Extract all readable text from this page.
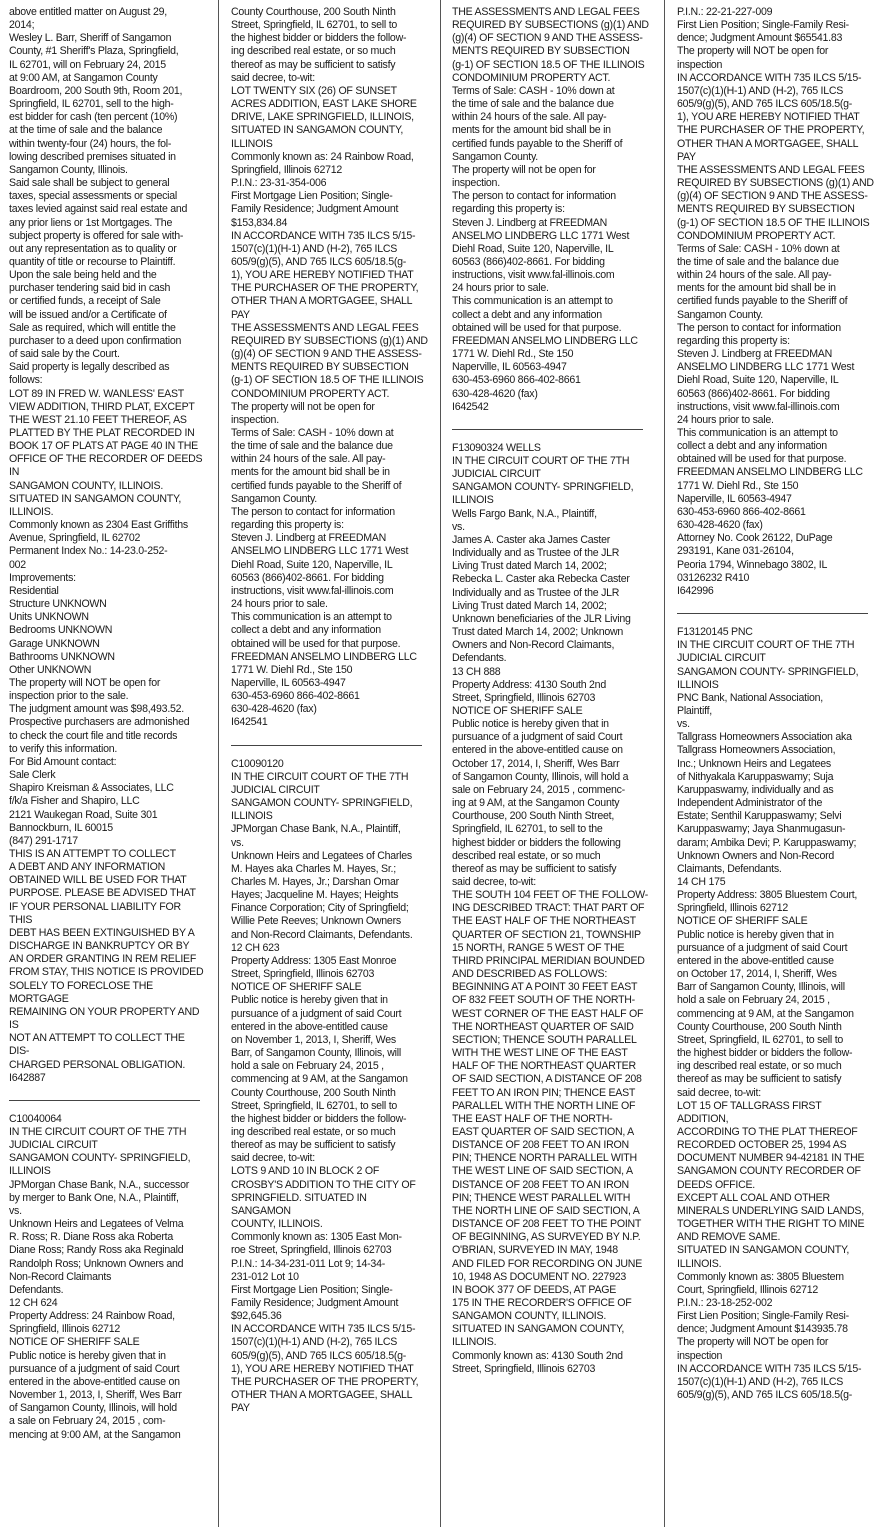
above entitled matter on August 29,

2014;

Wesley L. Barr, Sheriff of Sangamon

County, #1 Sheriff's Plaza, Springfield,

IL 62701, will on February 24, 2015

at 9:00 AM, at Sangamon County

Boardroom, 200 South 9th, Room 201,

Springfield, IL 62701, sell to the high-

est bidder for cash (ten percent (10%)

at the time of sale and the balance

within twenty-four (24) hours, the fol-

lowing described premises situated in

Sangamon County, Illinois.

Said sale shall be subject to general

taxes, special assessments or special

taxes levied against said real estate and

any prior liens or 1st Mortgages. The

subject property is offered for sale with-

out any representation as to quality or

quantity of title or recourse to Plaintiff.

Upon the sale being held and the

purchaser tendering said bid in cash

or certified funds, a receipt of Sale

will be issued and/or a Certificate of

Sale as required, which will entitle the

purchaser to a deed upon confirmation

of said sale by the Court.

Said property is legally described as

follows:

LOT 89 IN FRED W. WANLESS' EAST

VIEW ADDITION, THIRD PLAT, EXCEPT

THE WEST 21.10 FEET THEREOF, AS

PLATTED BY THE PLAT RECORDED IN

BOOK 17 OF PLATS AT PAGE 40 IN THE

OFFICE OF THE RECORDER OF DEEDS IN

SANGAMON COUNTY, ILLINOIS.

SITUATED IN SANGAMON COUNTY,

ILLINOIS.

Commonly known as 2304 East Griffiths

Avenue, Springfield, IL 62702

Permanent Index No.: 14-23.0-252-

002

Improvements:

Residential

Structure UNKNOWN

Units UNKNOWN

Bedrooms UNKNOWN

Garage UNKNOWN

Bathrooms UNKNOWN

Other UNKNOWN

The property will NOT be open for

inspection prior to the sale.

The judgment amount was $98,493.52.

Prospective purchasers are admonished

to check the court file and title records

to verify this information.

For Bid Amount contact:

Sale Clerk

Shapiro Kreisman & Associates, LLC

f/k/a Fisher and Shapiro, LLC

2121 Waukegan Road, Suite 301

Bannockburn, IL 60015

(847) 291-1717

THIS IS AN ATTEMPT TO COLLECT

A DEBT AND ANY INFORMATION

OBTAINED WILL BE USED FOR THAT

PURPOSE. PLEASE BE ADVISED THAT

IF YOUR PERSONAL LIABILITY FOR THIS

DEBT HAS BEEN EXTINGUISHED BY A

DISCHARGE IN BANKRUPTCY OR BY

AN ORDER GRANTING IN REM RELIEF

FROM STAY, THIS NOTICE IS PROVIDED

SOLELY TO FORECLOSE THE MORTGAGE

REMAINING ON YOUR PROPERTY AND IS

NOT AN ATTEMPT TO COLLECT THE DIS-

CHARGED PERSONAL OBLIGATION.

I642887

C10040064

IN THE CIRCUIT COURT OF THE 7TH

JUDICIAL CIRCUIT

SANGAMON COUNTY- SPRINGFIELD,

ILLINOIS

JPMorgan Chase Bank, N.A., successor

by merger to Bank One, N.A., Plaintiff,

vs.

Unknown Heirs and Legatees of Velma

R. Ross; R. Diane Ross aka Roberta

Diane Ross; Randy Ross aka Reginald

Randolph Ross; Unknown Owners and

Non-Record Claimants

Defendants.

12 CH 624

Property Address: 24 Rainbow Road,

Springfield, Illinois 62712

NOTICE OF SHERIFF SALE

Public notice is hereby given that in

pursuance of a judgment of said Court

entered in the above-entitled cause on

November 1, 2013, I, Sheriff, Wes Barr

of Sangamon County, Illinois, will hold

a sale on February 24, 2015 , com-

mencing at 9:00 AM, at the Sangamon

County Courthouse, 200 South Ninth

Street, Springfield, IL 62701, to sell to

the highest bidder or bidders the follow-

ing described real estate, or so much

thereof as may be sufficient to satisfy

said decree, to-wit:

LOT TWENTY SIX (26) OF SUNSET

ACRES ADDITION, EAST LAKE SHORE

DRIVE, LAKE SPRINGFIELD, ILLINOIS,

SITUATED IN SANGAMON COUNTY,

ILLINOIS

Commonly known as: 24 Rainbow Road,

Springfield, Illinois 62712

P.I.N.: 23-31-354-006

First Mortgage Lien Position; Single-

Family Residence; Judgment Amount

$153,834.84

IN ACCORDANCE WITH 735 ILCS 5/15-

1507(c)(1)(H-1) AND (H-2), 765 ILCS

605/9(g)(5), AND 765 ILCS 605/18.5(g-

1), YOU ARE HEREBY NOTIFIED THAT

THE PURCHASER OF THE PROPERTY,

OTHER THAN A MORTGAGEE, SHALL PAY

THE ASSESSMENTS AND LEGAL FEES

REQUIRED BY SUBSECTIONS (g)(1) AND

(g)(4) OF SECTION 9 AND THE ASSESS-

MENTS REQUIRED BY SUBSECTION

(g-1) OF SECTION 18.5 OF THE ILLINOIS

CONDOMINIUM PROPERTY ACT.

The property will not be open for

inspection.

Terms of Sale: CASH - 10% down at

the time of sale and the balance due

within 24 hours of the sale. All pay-

ments for the amount bid shall be in

certified funds payable to the Sheriff of

Sangamon County.

The person to contact for information

regarding this property is:

Steven J. Lindberg at FREEDMAN

ANSELMO LINDBERG LLC 1771 West

Diehl Road, Suite 120, Naperville, IL

60563 (866)402-8661. For bidding

instructions, visit www.fal-illinois.com

24 hours prior to sale.

This communication is an attempt to

collect a debt and any information

obtained will be used for that purpose.

FREEDMAN ANSELMO LINDBERG LLC

1771 W. Diehl Rd., Ste 150

Naperville, IL 60563-4947

630-453-6960 866-402-8661

630-428-4620 (fax)

I642541

C10090120

IN THE CIRCUIT COURT OF THE 7TH

JUDICIAL CIRCUIT

SANGAMON COUNTY- SPRINGFIELD,

ILLINOIS

JPMorgan Chase Bank, N.A., Plaintiff,

vs.

Unknown Heirs and Legatees of Charles

M. Hayes aka Charles M. Hayes, Sr.;

Charles M. Hayes, Jr.; Darshan Omar

Hayes; Jacqueline M. Hayes; Heights

Finance Corporation; City of Springfield;

Willie Pete Reeves; Unknown Owners

and Non-Record Claimants, Defendants.

12 CH 623

Property Address: 1305 East Monroe

Street, Springfield, Illinois 62703

NOTICE OF SHERIFF SALE

Public notice is hereby given that in

pursuance of a judgment of said Court

entered in the above-entitled cause

on November 1, 2013, I, Sheriff, Wes

Barr, of Sangamon County, Illinois, will

hold a sale on February 24, 2015 ,

commencing at 9 AM, at the Sangamon

County Courthouse, 200 South Ninth

Street, Springfield, IL 62701, to sell to

the highest bidder or bidders the follow-

ing described real estate, or so much

thereof as may be sufficient to satisfy

said decree, to-wit:

LOTS 9 AND 10 IN BLOCK 2 OF

CROSBY'S ADDITION TO THE CITY OF

SPRINGFIELD. SITUATED IN SANGAMON

COUNTY, ILLINOIS.

Commonly known as: 1305 East Mon-

roe Street, Springfield, Illinois 62703

P.I.N.: 14-34-231-011 Lot 9; 14-34-

231-012 Lot 10

First Mortgage Lien Position; Single-

Family Residence; Judgment Amount

$92,645.36

IN ACCORDANCE WITH 735 ILCS 5/15-

1507(c)(1)(H-1) AND (H-2), 765 ILCS

605/9(g)(5), AND 765 ILCS 605/18.5(g-

1), YOU ARE HEREBY NOTIFIED THAT

THE PURCHASER OF THE PROPERTY,

OTHER THAN A MORTGAGEE, SHALL PAY

THE ASSESSMENTS AND LEGAL FEES

REQUIRED BY SUBSECTIONS (g)(1) AND

(g)(4) OF SECTION 9 AND THE ASSESS-

MENTS REQUIRED BY SUBSECTION

(g-1) OF SECTION 18.5 OF THE ILLINOIS

CONDOMINIUM PROPERTY ACT.

Terms of Sale: CASH - 10% down at

the time of sale and the balance due

within 24 hours of the sale. All pay-

ments for the amount bid shall be in

certified funds payable to the Sheriff of

Sangamon County.

The property will not be open for

inspection.

The person to contact for information

regarding this property is:

Steven J. Lindberg at FREEDMAN

ANSELMO LINDBERG LLC 1771 West

Diehl Road, Suite 120, Naperville, IL

60563 (866)402-8661. For bidding

instructions, visit www.fal-illinois.com

24 hours prior to sale.

This communication is an attempt to

collect a debt and any information

obtained will be used for that purpose.

FREEDMAN ANSELMO LINDBERG LLC

1771 W. Diehl Rd., Ste 150

Naperville, IL 60563-4947

630-453-6960 866-402-8661

630-428-4620 (fax)

I642542

F13090324 WELLS

IN THE CIRCUIT COURT OF THE 7TH

JUDICIAL CIRCUIT

SANGAMON COUNTY- SPRINGFIELD,

ILLINOIS

Wells Fargo Bank, N.A., Plaintiff,

vs.

James A. Caster aka James Caster

Individually and as Trustee of the JLR

Living Trust dated March 14, 2002;

Rebecka L. Caster aka Rebecka Caster

Individually and as Trustee of the JLR

Living Trust dated March 14, 2002;

Unknown beneficiaries of the JLR Living

Trust dated March 14, 2002; Unknown

Owners and Non-Record Claimants,

Defendants.

13 CH 888

Property Address: 4130 South 2nd

Street, Springfield, Illinois 62703

NOTICE OF SHERIFF SALE

Public notice is hereby given that in

pursuance of a judgment of said Court

entered in the above-entitled cause on

October 17, 2014, I, Sheriff, Wes Barr

of Sangamon County, Illinois, will hold a

sale on February 24, 2015 , commenc-

ing at 9 AM, at the Sangamon County

Courthouse, 200 South Ninth Street,

Springfield, IL 62701, to sell to the

highest bidder or bidders the following

described real estate, or so much

thereof as may be sufficient to satisfy

said decree, to-wit:

THE SOUTH 104 FEET OF THE FOLLOW-

ING DESCRIBED TRACT: THAT PART OF

THE EAST HALF OF THE NORTHEAST

QUARTER OF SECTION 21, TOWNSHIP

15 NORTH, RANGE 5 WEST OF THE

THIRD PRINCIPAL MERIDIAN BOUNDED

AND DESCRIBED AS FOLLOWS:

BEGINNING AT A POINT 30 FEET EAST

OF 832 FEET SOUTH OF THE NORTH-

WEST CORNER OF THE EAST HALF OF

THE NORTHEAST QUARTER OF SAID

SECTION; THENCE SOUTH PARALLEL

WITH THE WEST LINE OF THE EAST

HALF OF THE NORTHEAST QUARTER

OF SAID SECTION, A DISTANCE OF 208

FEET TO AN IRON PIN; THENCE EAST

PARALLEL WITH THE NORTH LINE OF

THE EAST HALF OF THE NORTH-

EAST QUARTER OF SAID SECTION, A

DISTANCE OF 208 FEET TO AN IRON

PIN; THENCE NORTH PARALLEL WITH

THE WEST LINE OF SAID SECTION, A

DISTANCE OF 208 FEET TO AN IRON

PIN; THENCE WEST PARALLEL WITH

THE NORTH LINE OF SAID SECTION, A

DISTANCE OF 208 FEET TO THE POINT

OF BEGINNING, AS SURVEYED BY N.P.

O'BRIAN, SURVEYED IN MAY, 1948

AND FILED FOR RECORDING ON JUNE

10, 1948 AS DOCUMENT NO. 227923

IN BOOK 377 OF DEEDS, AT PAGE

175 IN THE RECORDER'S OFFICE OF

SANGAMON COUNTY, ILLINOIS.

SITUATED IN SANGAMON COUNTY,

ILLINOIS.

Commonly known as: 4130 South 2nd

Street, Springfield, Illinois 62703

P.I.N.: 22-21-227-009

First Lien Position; Single-Family Resi-

dence; Judgment Amount $65541.83

The property will NOT be open for

inspection

IN ACCORDANCE WITH 735 ILCS 5/15-

1507(c)(1)(H-1) AND (H-2), 765 ILCS

605/9(g)(5), AND 765 ILCS 605/18.5(g-

1), YOU ARE HEREBY NOTIFIED THAT

THE PURCHASER OF THE PROPERTY,

OTHER THAN A MORTGAGEE, SHALL PAY

THE ASSESSMENTS AND LEGAL FEES

REQUIRED BY SUBSECTIONS (g)(1) AND

(g)(4) OF SECTION 9 AND THE ASSESS-

MENTS REQUIRED BY SUBSECTION

(g-1) OF SECTION 18.5 OF THE ILLINOIS

CONDOMINIUM PROPERTY ACT.

Terms of Sale: CASH - 10% down at

the time of sale and the balance due

within 24 hours of the sale. All pay-

ments for the amount bid shall be in

certified funds payable to the Sheriff of

Sangamon County.

The person to contact for information

regarding this property is:

Steven J. Lindberg at FREEDMAN

ANSELMO LINDBERG LLC 1771 West

Diehl Road, Suite 120, Naperville, IL

60563 (866)402-8661. For bidding

instructions, visit www.fal-illinois.com

24 hours prior to sale.

This communication is an attempt to

collect a debt and any information

obtained will be used for that purpose.

FREEDMAN ANSELMO LINDBERG LLC

1771 W. Diehl Rd., Ste 150

Naperville, IL 60563-4947

630-453-6960 866-402-8661

630-428-4620 (fax)

Attorney No. Cook 26122, DuPage

293191, Kane 031-26104,

Peoria 1794, Winnebago 3802, IL

03126232 R410

I642996

F13120145 PNC

IN THE CIRCUIT COURT OF THE 7TH

JUDICIAL CIRCUIT

SANGAMON COUNTY- SPRINGFIELD,

ILLINOIS

PNC Bank, National Association,

Plaintiff,

vs.

Tallgrass Homeowners Association aka

Tallgrass Homeowners Association,

Inc.; Unknown Heirs and Legatees

of Nithyakala Karuppaswamy; Suja

Karuppaswamy, individually and as

Independent Administrator of the

Estate; Senthil Karuppaswamy; Selvi

Karuppaswamy; Jaya Shanmugasun-

daram; Ambika Devi; P. Karuppaswamy;

Unknown Owners and Non-Record

Claimants, Defendants.

14 CH 175

Property Address: 3805 Bluestem Court,

Springfield, Illinois 62712

NOTICE OF SHERIFF SALE

Public notice is hereby given that in

pursuance of a judgment of said Court

entered in the above-entitled cause

on October 17, 2014, I, Sheriff, Wes

Barr of Sangamon County, Illinois, will

hold a sale on February 24, 2015 ,

commencing at 9 AM, at the Sangamon

County Courthouse, 200 South Ninth

Street, Springfield, IL 62701, to sell to

the highest bidder or bidders the follow-

ing described real estate, or so much

thereof as may be sufficient to satisfy

said decree, to-wit:

LOT 15 OF TALLGRASS FIRST ADDITION,

ACCORDING TO THE PLAT THEREOF

RECORDED OCTOBER 25, 1994 AS

DOCUMENT NUMBER 94-42181 IN THE

SANGAMON COUNTY RECORDER OF

DEEDS OFFICE.

EXCEPT ALL COAL AND OTHER

MINERALS UNDERLYING SAID LANDS,

TOGETHER WITH THE RIGHT TO MINE

AND REMOVE SAME.

SITUATED IN SANGAMON COUNTY,

ILLINOIS.

Commonly known as: 3805 Bluestem

Court, Springfield, Illinois 62712

P.I.N.: 23-18-252-002

First Lien Position; Single-Family Resi-

dence; Judgment Amount $143935.78

The property will NOT be open for

inspection

IN ACCORDANCE WITH 735 ILCS 5/15-

1507(c)(1)(H-1) AND (H-2), 765 ILCS

605/9(g)(5), AND 765 ILCS 605/18.5(g-
